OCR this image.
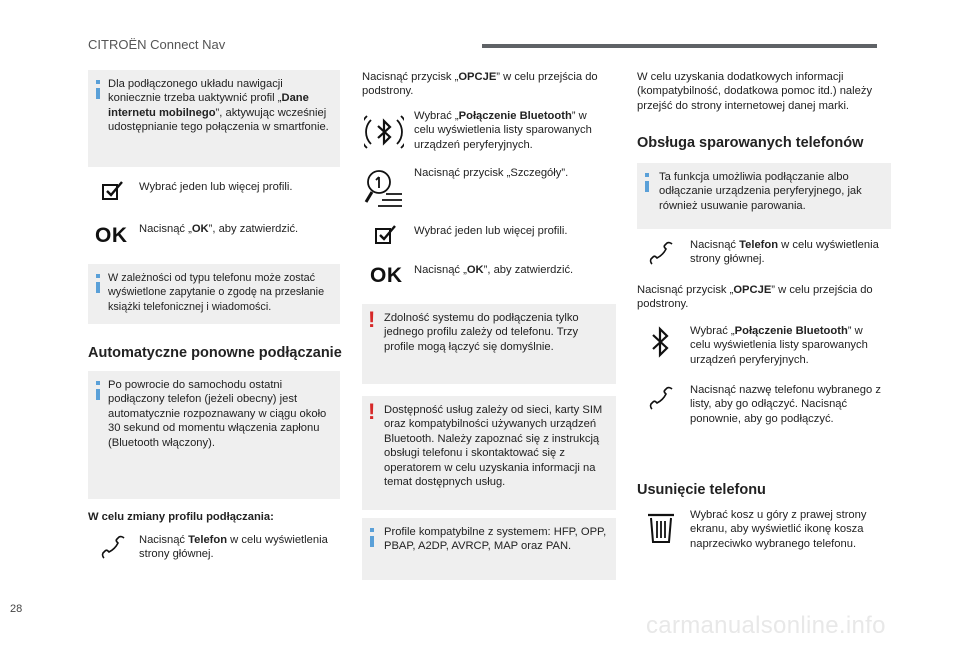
CITROËN Connect Nav
28
carmanualsonline.info
Dla podłączonego układu nawigacji koniecznie trzeba uaktywnić profil „Dane internetu mobilnego”, aktywując wcześniej udostępnianie tego połączenia w smartfonie.
Wybrać jeden lub więcej profili.
OK Nacisnąć „OK”, aby zatwierdzić.
W zależności od typu telefonu może zostać wyświetlone zapytanie o zgodę na przesłanie książki telefonicznej i wiadomości.
Automatyczne ponowne podłączanie
Po powrocie do samochodu ostatni podłączony telefon (jeżeli obecny) jest automatycznie rozpoznawany w ciągu około 30 sekund od momentu włączenia zapłonu (Bluetooth włączony).
W celu zmiany profilu podłączania:
Nacisnąć Telefon w celu wyświetlenia strony głównej.
Nacisnąć przycisk „OPCJE” w celu przejścia do podstrony.
Wybrać „Połączenie Bluetooth” w celu wyświetlenia listy sparowanych urządzeń peryferyjnych.
Nacisnąć przycisk „Szczegóły”.
Wybrać jeden lub więcej profili.
OK Nacisnąć „OK”, aby zatwierdzić.
! Zdolność systemu do podłączenia tylko jednego profilu zależy od telefonu. Trzy profile mogą łączyć się domyślnie.
! Dostępność usług zależy od sieci, karty SIM oraz kompatybilności używanych urządzeń Bluetooth. Należy zapoznać się z instrukcją obsługi telefonu i skontaktować się z operatorem w celu uzyskania informacji na temat dostępnych usług.
Profile kompatybilne z systemem: HFP, OPP, PBAP, A2DP, AVRCP, MAP oraz PAN.
W celu uzyskania dodatkowych informacji (kompatybilność, dodatkowa pomoc itd.) należy przejść do strony internetowej danej marki.
Obsługa sparowanych telefonów
Ta funkcja umożliwia podłączanie albo odłączanie urządzenia peryferyjnego, jak również usuwanie parowania.
Nacisnąć Telefon w celu wyświetlenia strony głównej.
Nacisnąć przycisk „OPCJE” w celu przejścia do podstrony.
Wybrać „Połączenie Bluetooth” w celu wyświetlenia listy sparowanych urządzeń peryferyjnych.
Nacisnąć nazwę telefonu wybranego z listy, aby go odłączyć. Nacisnąć ponownie, aby go podłączyć.
Usunięcie telefonu
Wybrać kosz u góry z prawej strony ekranu, aby wyświetlić ikonę kosza naprzeciwko wybranego telefonu.
